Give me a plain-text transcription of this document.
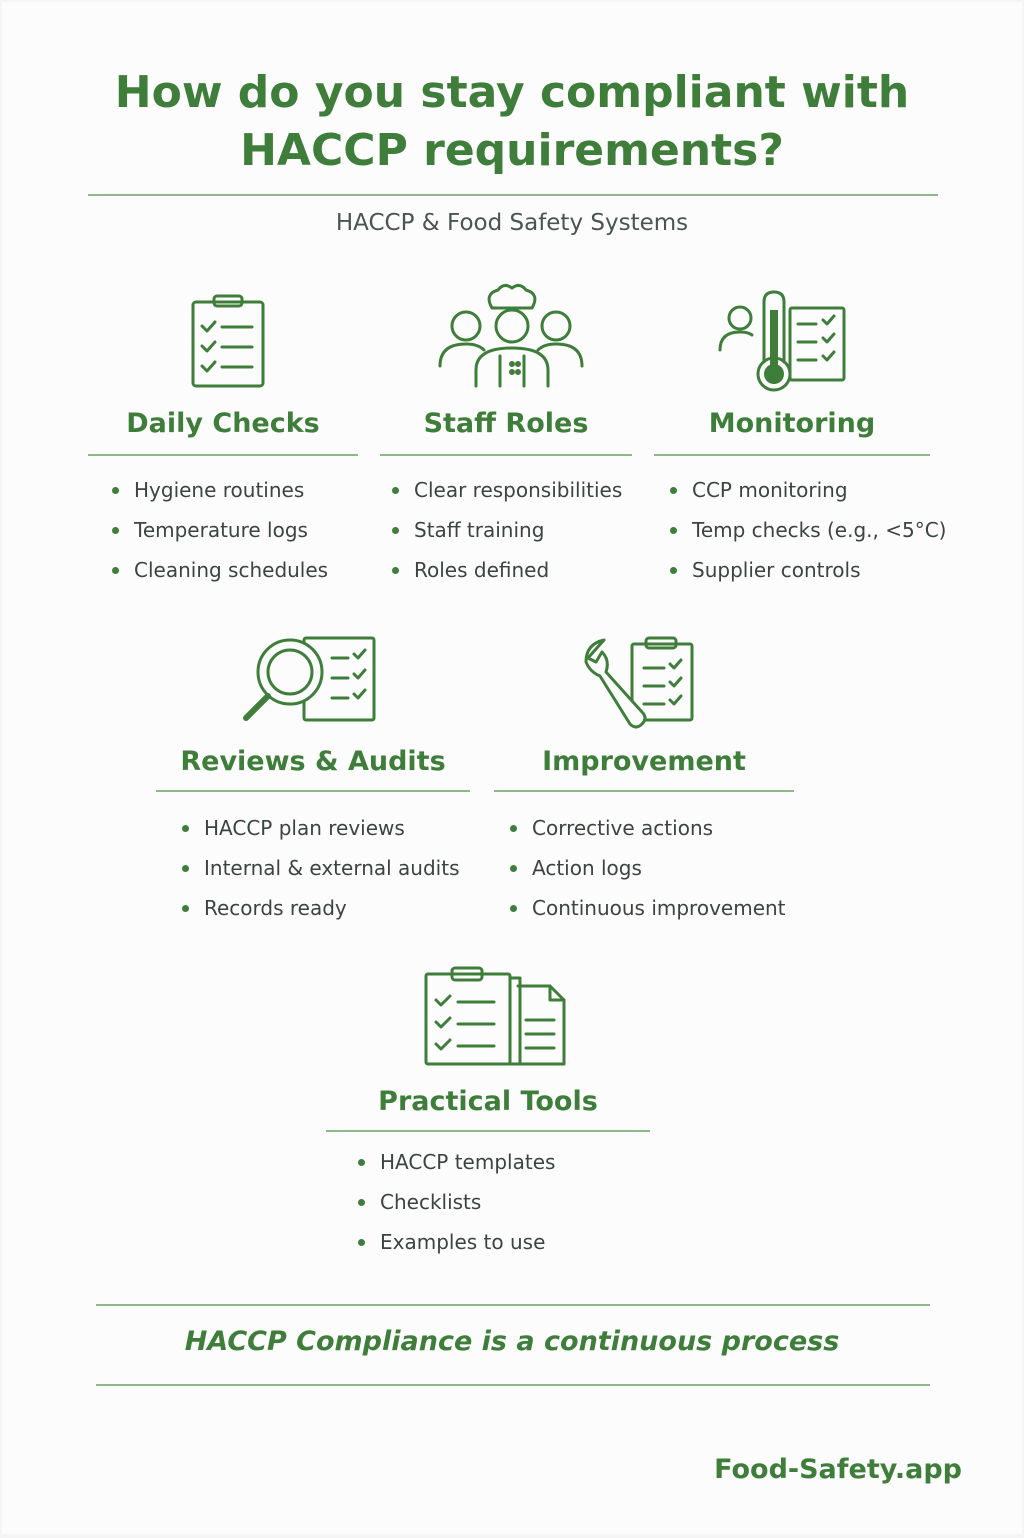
How do you stay compliant with
HACCP requirements?
HACCP & Food Safety Systems
Daily Checks
Hygiene routines
Temperature logs
Cleaning schedules
Staff Roles
Clear responsibilities
Staff training
Roles defined
Monitoring
CCP monitoring
Temp checks (e.g., <5°C)
Supplier controls
Reviews & Audits
HACCP plan reviews
Internal & external audits
Records ready
Improvement
Corrective actions
Action logs
Continuous improvement
Practical Tools
HACCP templates
Checklists
Examples to use
HACCP Compliance is a continuous process
Food-Safety.app
